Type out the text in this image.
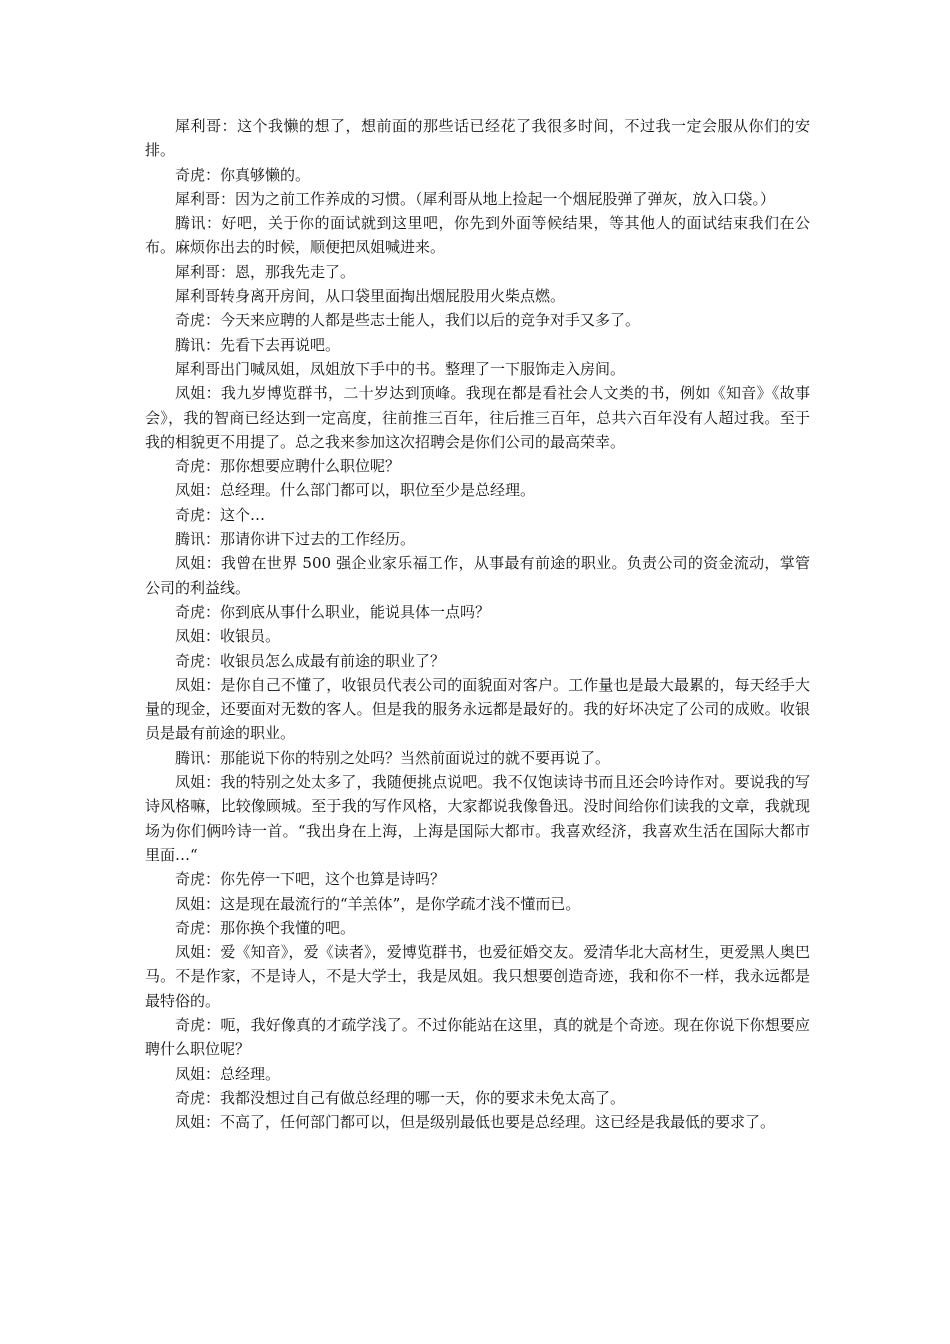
犀利哥：这个我懒的想了，想前面的那些话已经花了我很多时间，不过我一定会服从你们的安排。

奇虎：你真够懒的。

犀利哥：因为之前工作养成的习惯。（犀利哥从地上捡起一个烟屁股弹了弹灰，放入口袋。）

腾讯：好吧，关于你的面试就到这里吧，你先到外面等候结果，等其他人的面试结束我们在公布。麻烦你出去的时候，顺便把凤姐喊进来。

犀利哥：恩，那我先走了。

犀利哥转身离开房间，从口袋里面掏出烟屁股用火柴点燃。

奇虎：今天来应聘的人都是些志士能人，我们以后的竞争对手又多了。

腾讯：先看下去再说吧。

犀利哥出门喊凤姐，凤姐放下手中的书。整理了一下服饰走入房间。

凤姐：我九岁博览群书，二十岁达到顶峰。我现在都是看社会人文类的书，例如《知音》《故事会》，我的智商已经达到一定高度，往前推三百年，往后推三百年，总共六百年没有人超过我。至于我的相貌更不用提了。总之我来参加这次招聘会是你们公司的最高荣幸。

奇虎：那你想要应聘什么职位呢？

凤姐：总经理。什么部门都可以，职位至少是总经理。

奇虎：这个…

腾讯：那请你讲下过去的工作经历。

凤姐：我曾在世界 500 强企业家乐福工作，从事最有前途的职业。负责公司的资金流动，掌管公司的利益线。

奇虎：你到底从事什么职业，能说具体一点吗？

凤姐：收银员。

奇虎：收银员怎么成最有前途的职业了？

凤姐：是你自己不懂了，收银员代表公司的面貌面对客户。工作量也是最大最累的，每天经手大量的现金，还要面对无数的客人。但是我的服务永远都是最好的。我的好坏决定了公司的成败。收银员是最有前途的职业。

腾讯：那能说下你的特别之处吗？当然前面说过的就不要再说了。

凤姐：我的特别之处太多了，我随便挑点说吧。我不仅饱读诗书而且还会吟诗作对。要说我的写诗风格嘛，比较像顾城。至于我的写作风格，大家都说我像鲁迅。没时间给你们读我的文章，我就现场为你们俩吟诗一首。“我出身在上海，上海是国际大都市。我喜欢经济，我喜欢生活在国际大都市里面…“

奇虎：你先停一下吧，这个也算是诗吗？

凤姐：这是现在最流行的“羊羔体”，是你学疏才浅不懂而已。

奇虎：那你换个我懂的吧。

凤姐：爱《知音》，爱《读者》，爱博览群书，也爱征婚交友。爱清华北大高材生，更爱黑人奥巴马。不是作家，不是诗人，不是大学士，我是凤姐。我只想要创造奇迹，我和你不一样，我永远都是最特俗的。

奇虎：呃，我好像真的才疏学浅了。不过你能站在这里，真的就是个奇迹。现在你说下你想要应聘什么职位呢？

凤姐：总经理。

奇虎：我都没想过自己有做总经理的哪一天，你的要求未免太高了。

凤姐：不高了，任何部门都可以，但是级别最低也要是总经理。这已经是我最低的要求了。
